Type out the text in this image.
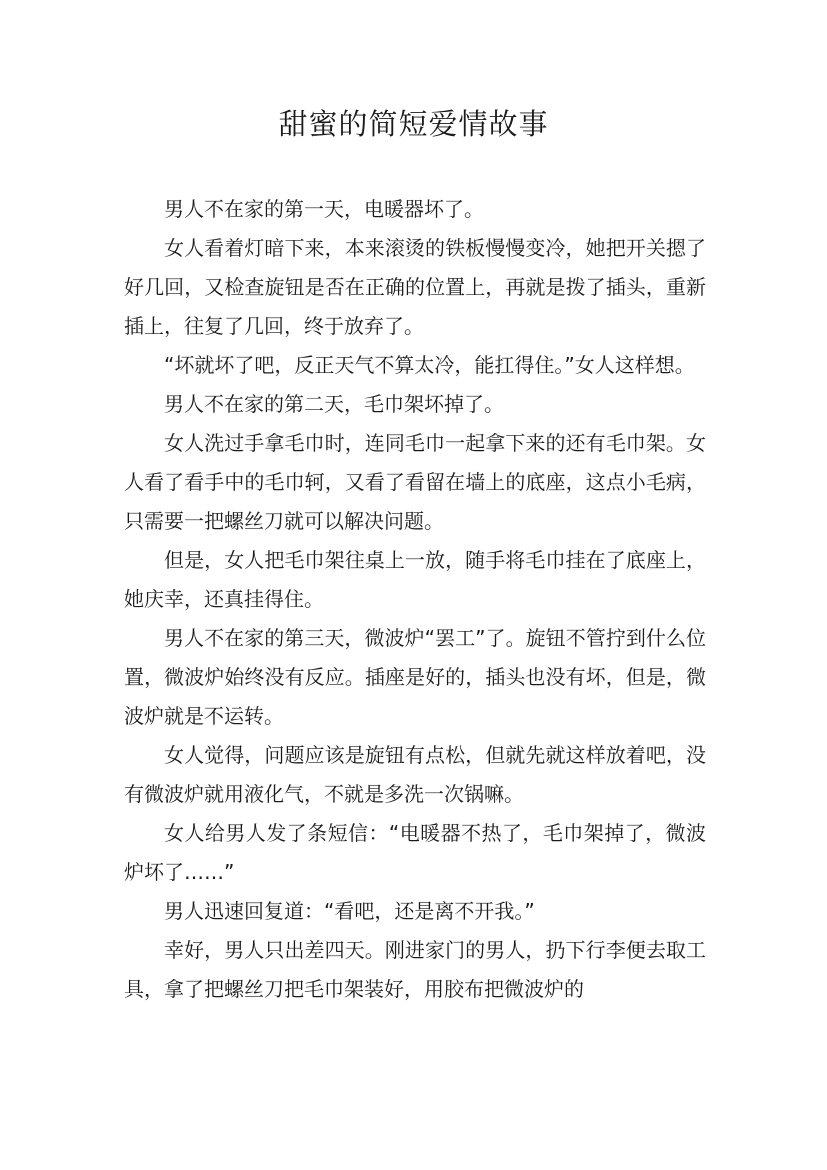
甜蜜的简短爱情故事

男人不在家的第一天，电暖器坏了。

女人看着灯暗下来，本来滚烫的铁板慢慢变冷，她把开关摁了好几回，又检查旋钮是否在正确的位置上，再就是拨了插头，重新插上，往复了几回，终于放弃了。

“坏就坏了吧，反正天气不算太冷，能扛得住。”女人这样想。

男人不在家的第二天，毛巾架坏掉了。

女人洗过手拿毛巾时，连同毛巾一起拿下来的还有毛巾架。女人看了看手中的毛巾轲，又看了看留在墙上的底座，这点小毛病，只需要一把螺丝刀就可以解决问题。

但是，女人把毛巾架往桌上一放，随手将毛巾挂在了底座上，她庆幸，还真挂得住。

男人不在家的第三天，微波炉“罢工”了。旋钮不管拧到什么位置，微波炉始终没有反应。插座是好的，插头也没有坏，但是，微波炉就是不运转。

女人觉得，问题应该是旋钮有点松，但就先就这样放着吧，没有微波炉就用液化气，不就是多洗一次锅嘛。

女人给男人发了条短信：“电暖器不热了，毛巾架掉了，微波炉坏了……”

男人迅速回复道：“看吧，还是离不开我。”

幸好，男人只出差四天。刚进家门的男人，扔下行李便去取工具，拿了把螺丝刀把毛巾架装好，用胶布把微波炉的
